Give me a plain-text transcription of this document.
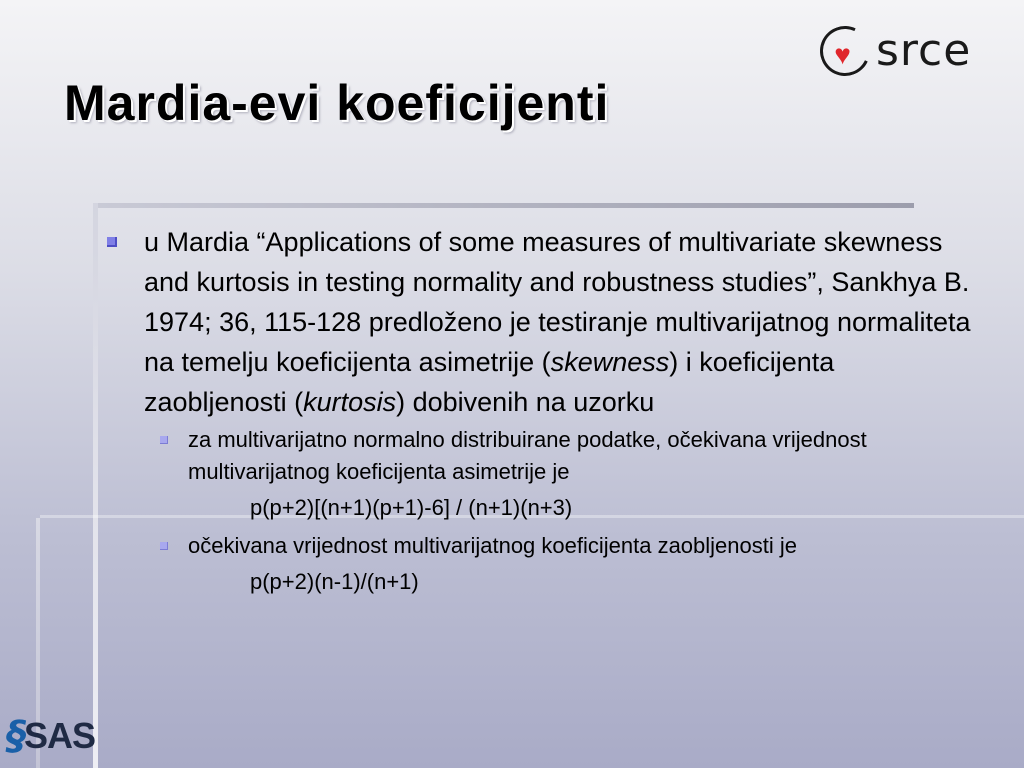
Mardia-evi koeficijenti
♥ srce

u Mardia “Applications of some measures of multivariate skewness and kurtosis in testing normality and robustness studies”, Sankhya B. 1974; 36, 115-128 predloženo je testiranje multivarijatnog normaliteta na temelju koeficijenta asimetrije (skewness) i koeficijenta zaobljenosti (kurtosis) dobivenih na uzorku

za multivarijatno normalno distribuirane podatke, očekivana vrijednost multivarijatnog koeficijenta asimetrije je
p(p+2)[(n+1)(p+1)-6] / (n+1)(n+3)
očekivana vrijednost multivarijatnog koeficijenta zaobljenosti je
p(p+2)(n-1)/(n+1)
§
SAS
